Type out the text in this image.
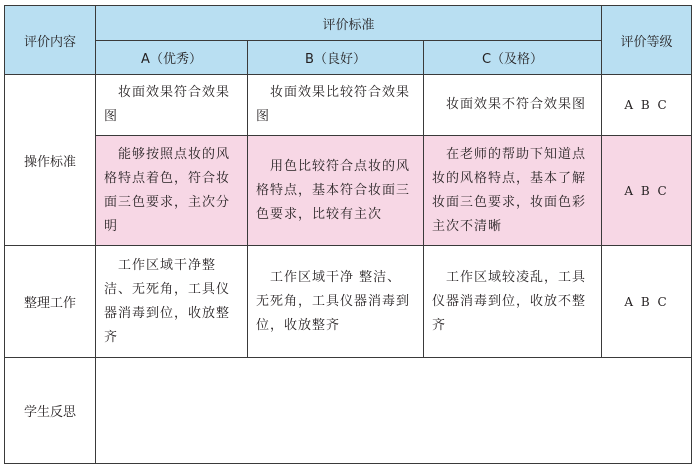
评价内容	评价标准			评价等级
	A（优秀）	B（良好）	C（及格）	
操作标准	妆面效果符合效果图	妆面效果比较符合效果图	妆面效果不符合效果图	A B C
	能够按照点妆的风格特点着色，符合妆面三色要求，主次分明	用色比较符合点妆的风格特点，基本符合妆面三色要求，比较有主次	在老师的帮助下知道点妆的风格特点，基本了解妆面三色要求，妆面色彩主次不清晰	A B C
整理工作	工作区域干净整洁、无死角，工具仪器消毒到位，收放整齐	工作区域干净 整洁、无死角，工具仪器消毒到位，收放整齐	工作区域较凌乱，工具仪器消毒到位，收放不整齐	A B C
学生反思				
